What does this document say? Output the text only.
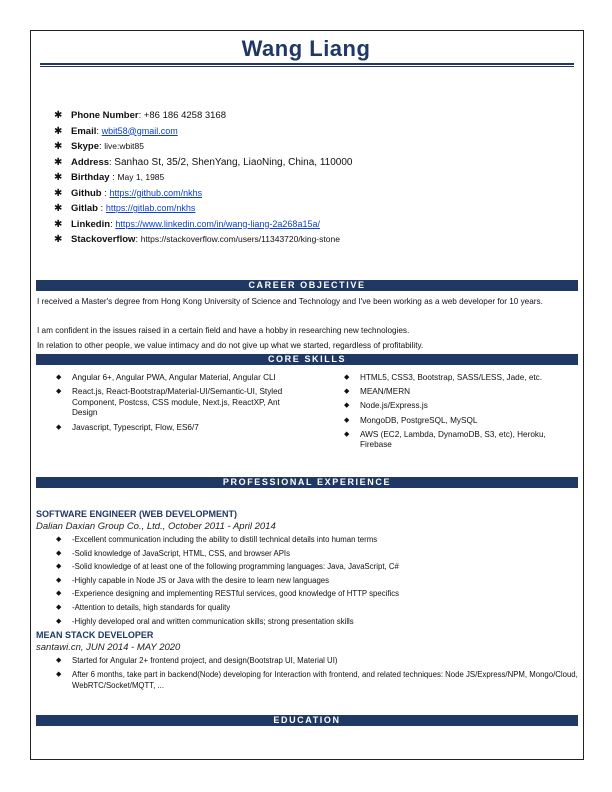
Wang Liang
✱ Phone Number: +86 186 4258 3168
✱ Email: wbit58@gmail.com
✱ Skype: live:wbit85
✱ Address: Sanhao St, 35/2, ShenYang, LiaoNing, China, 110000
✱ Birthday : May 1, 1985
✱ Github : https://github.com/nkhs
✱ Gitlab : https://gitlab.com/nkhs
✱ Linkedin: https://www.linkedin.com/in/wang-liang-2a268a15a/
✱ Stackoverflow: https://stackoverflow.com/users/11343720/king-stone
CAREER OBJECTIVE
I received a Master's degree from Hong Kong University of Science and Technology and I've been working as a web developer for 10 years.
I am confident in the issues raised in a certain field and have a hobby in researching new technologies.
In relation to other people, we value intimacy and do not give up what we started, regardless of profitability.
CORE SKILLS
◆ Angular 6+, Angular PWA, Angular Material, Angular CLI
◆ React.js, React-Bootstrap/Material-UI/Semantic-UI, Styled Component, Postcss, CSS module, Next.js, ReactXP, Ant Design
◆ Javascript, Typescript, Flow, ES6/7
◆ HTML5, CSS3, Bootstrap, SASS/LESS, Jade, etc.
◆ MEAN/MERN
◆ Node.js/Express.js
◆ MongoDB, PostgreSQL, MySQL
◆ AWS (EC2, Lambda, DynamoDB, S3, etc), Heroku, Firebase
PROFESSIONAL EXPERIENCE
SOFTWARE ENGINEER (WEB DEVELOPMENT)
Dalian Daxian Group Co., Ltd., October 2011 - April 2014
◆ -Excellent communication including the ability to distill technical details into human terms
◆ -Solid knowledge of JavaScript, HTML, CSS, and browser APIs
◆ -Solid knowledge of at least one of the following programming languages: Java, JavaScript, C#
◆ -Highly capable in Node JS or Java with the desire to learn new languages
◆ -Experience designing and implementing RESTful services, good knowledge of HTTP specifics
◆ -Attention to details, high standards for quality
◆ -Highly developed oral and written communication skills; strong presentation skills
MEAN STACK DEVELOPER
santawi.cn, JUN 2014 - MAY 2020
◆ Started for Angular 2+ frontend project, and design(Bootstrap UI, Material UI)
◆ After 6 months, take part in backend(Node) developing for Interaction with frontend, and related techniques: Node JS/Express/NPM, Mongo/Cloud, WebRTC/Socket/MQTT, ...
EDUCATION
